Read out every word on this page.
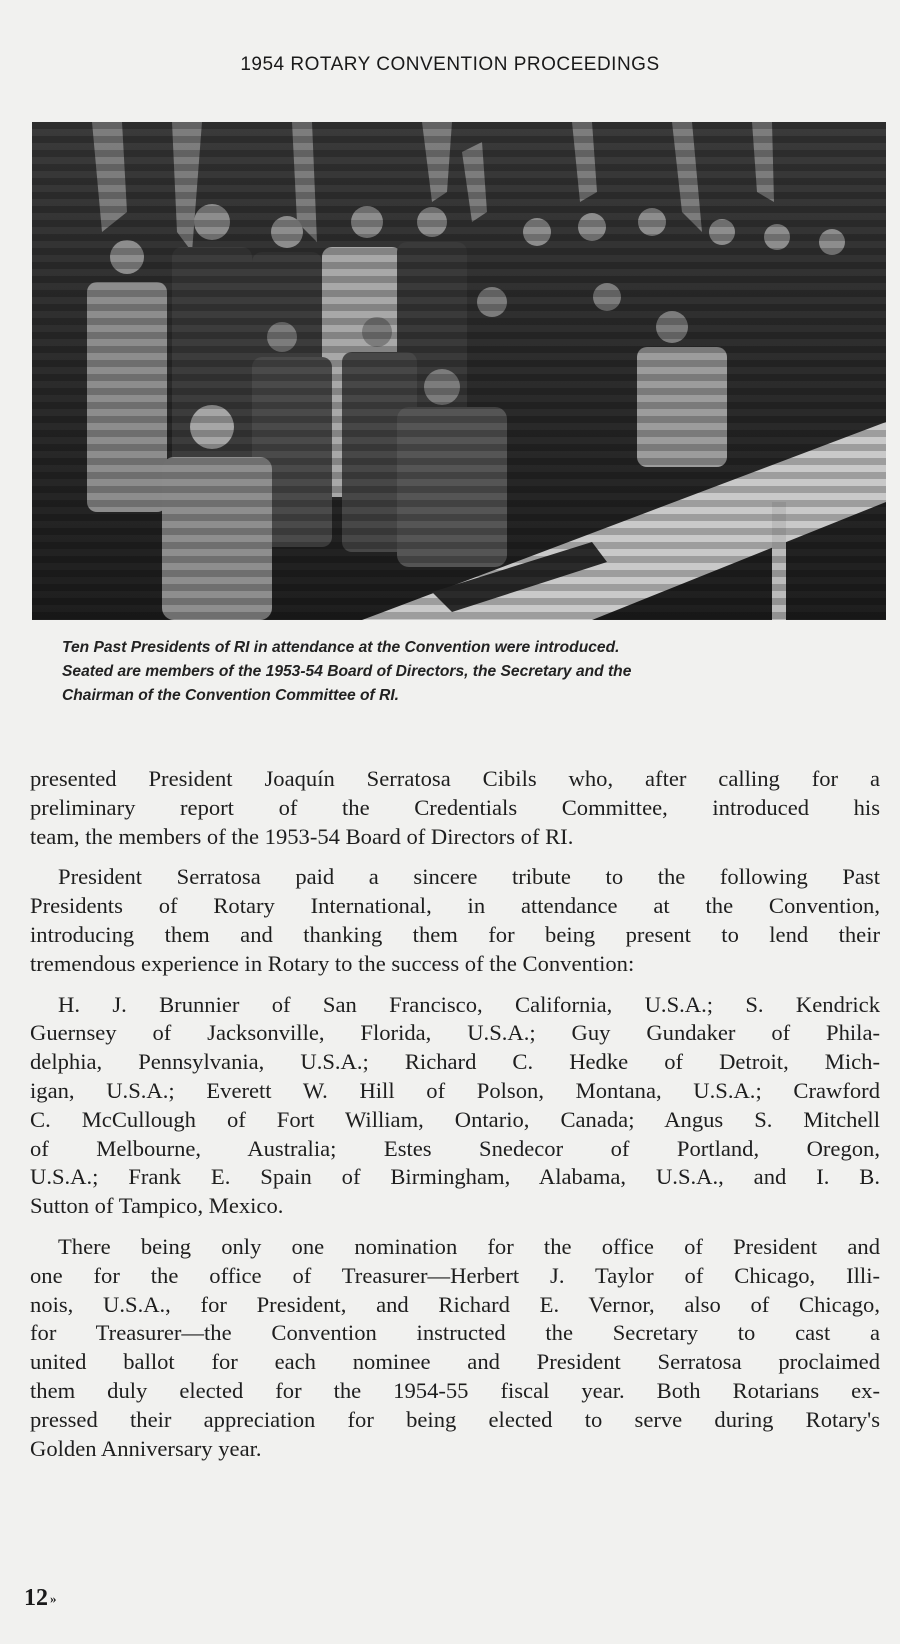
1954 ROTARY CONVENTION PROCEEDINGS
Ten Past Presidents of RI in attendance at the Convention were introduced.
Seated are members of the 1953-54 Board of Directors, the Secretary and the
Chairman of the Convention Committee of RI.

presented President Joaquín Serratosa Cibils who, after calling for a
preliminary report of the Credentials Committee, introduced his
team, the members of the 1953-54 Board of Directors of RI.

President Serratosa paid a sincere tribute to the following Past
Presidents of Rotary International, in attendance at the Convention,
introducing them and thanking them for being present to lend their
tremendous experience in Rotary to the success of the Convention:

H. J. Brunnier of San Francisco, California, U.S.A.; S. Kendrick
Guernsey of Jacksonville, Florida, U.S.A.; Guy Gundaker of Phila-
delphia, Pennsylvania, U.S.A.; Richard C. Hedke of Detroit, Mich-
igan, U.S.A.; Everett W. Hill of Polson, Montana, U.S.A.; Crawford
C. McCullough of Fort William, Ontario, Canada; Angus S. Mitchell
of Melbourne, Australia; Estes Snedecor of Portland, Oregon,
U.S.A.; Frank E. Spain of Birmingham, Alabama, U.S.A., and I. B.
Sutton of Tampico, Mexico.

There being only one nomination for the office of President and
one for the office of Treasurer—Herbert J. Taylor of Chicago, Illi-
nois, U.S.A., for President, and Richard E. Vernor, also of Chicago,
for Treasurer—the Convention instructed the Secretary to cast a
united ballot for each nominee and President Serratosa proclaimed
them duly elected for the 1954-55 fiscal year. Both Rotarians ex-
pressed their appreciation for being elected to serve during Rotary's
Golden Anniversary year.

12 »
